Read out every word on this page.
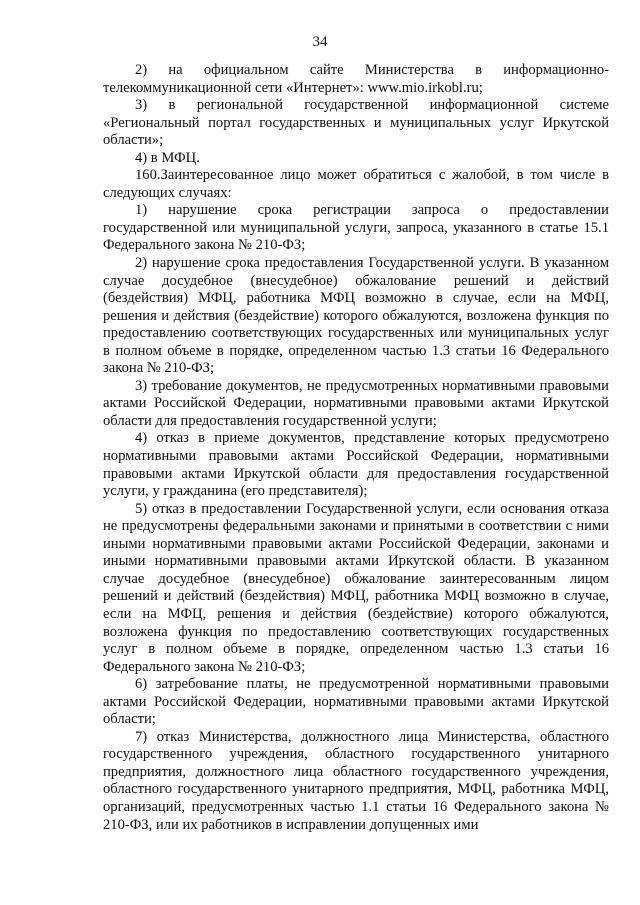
34

2) на официальном сайте Министерства в информационно-телекоммуникационной сети «Интернет»: www.mio.irkobl.ru;

3) в региональной государственной информационной системе «Региональный портал государственных и муниципальных услуг Иркутской области»;

4) в МФЦ.

160.Заинтересованное лицо может обратиться с жалобой, в том числе в следующих случаях:

1) нарушение срока регистрации запроса о предоставлении государственной или муниципальной услуги, запроса, указанного в статье 15.1 Федерального закона № 210-ФЗ;

2) нарушение срока предоставления Государственной услуги. В указанном случае досудебное (внесудебное) обжалование решений и действий (бездействия) МФЦ, работника МФЦ возможно в случае, если на МФЦ, решения и действия (бездействие) которого обжалуются, возложена функция по предоставлению соответствующих государственных или муниципальных услуг в полном объеме в порядке, определенном частью 1.3 статьи 16 Федерального закона № 210-ФЗ;

3) требование документов, не предусмотренных нормативными правовыми актами Российской Федерации, нормативными правовыми актами Иркутской области для предоставления государственной услуги;

4) отказ в приеме документов, представление которых предусмотрено нормативными правовыми актами Российской Федерации, нормативными правовыми актами Иркутской области для предоставления государственной услуги, у гражданина (его представителя);

5) отказ в предоставлении Государственной услуги, если основания отказа не предусмотрены федеральными законами и принятыми в соответствии с ними иными нормативными правовыми актами Российской Федерации, законами и иными нормативными правовыми актами Иркутской области. В указанном случае досудебное (внесудебное) обжалование заинтересованным лицом решений и действий (бездействия) МФЦ, работника МФЦ возможно в случае, если на МФЦ, решения и действия (бездействие) которого обжалуются, возложена функция по предоставлению соответствующих государственных услуг в полном объеме в порядке, определенном частью 1.3 статьи 16 Федерального закона № 210-ФЗ;

6) затребование платы, не предусмотренной нормативными правовыми актами Российской Федерации, нормативными правовыми актами Иркутской области;

7) отказ Министерства, должностного лица Министерства, областного государственного учреждения, областного государственного унитарного предприятия, должностного лица областного государственного учреждения, областного государственного унитарного предприятия, МФЦ, работника МФЦ, организаций, предусмотренных частью 1.1 статьи 16 Федерального закона № 210-ФЗ, или их работников в исправлении допущенных ими
